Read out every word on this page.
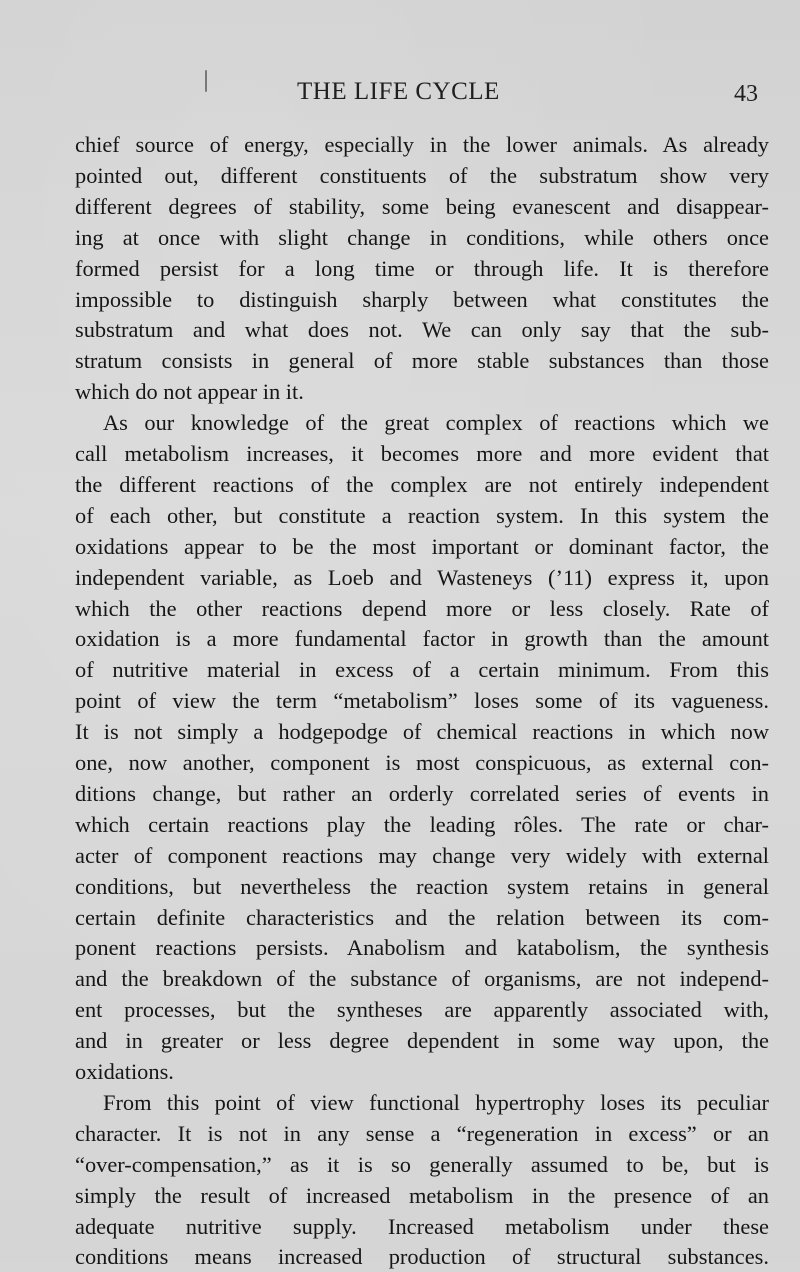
THE LIFE CYCLE	43
chief source of energy, especially in the lower animals. As already
pointed out, different constituents of the substratum show very
different degrees of stability, some being evanescent and disappear-
ing at once with slight change in conditions, while others once
formed persist for a long time or through life. It is therefore
impossible to distinguish sharply between what constitutes the
substratum and what does not. We can only say that the sub-
stratum consists in general of more stable substances than those
which do not appear in it.
As our knowledge of the great complex of reactions which we
call metabolism increases, it becomes more and more evident that
the different reactions of the complex are not entirely independent
of each other, but constitute a reaction system. In this system the
oxidations appear to be the most important or dominant factor, the
independent variable, as Loeb and Wasteneys (’11) express it, upon
which the other reactions depend more or less closely. Rate of
oxidation is a more fundamental factor in growth than the amount
of nutritive material in excess of a certain minimum. From this
point of view the term “metabolism” loses some of its vagueness.
It is not simply a hodgepodge of chemical reactions in which now
one, now another, component is most conspicuous, as external con-
ditions change, but rather an orderly correlated series of events in
which certain reactions play the leading rôles. The rate or char-
acter of component reactions may change very widely with external
conditions, but nevertheless the reaction system retains in general
certain definite characteristics and the relation between its com-
ponent reactions persists. Anabolism and katabolism, the synthesis
and the breakdown of the substance of organisms, are not independ-
ent processes, but the syntheses are apparently associated with,
and in greater or less degree dependent in some way upon, the
oxidations.
From this point of view functional hypertrophy loses its peculiar
character. It is not in any sense a “regeneration in excess” or an
“over-compensation,” as it is so generally assumed to be, but is
simply the result of increased metabolism in the presence of an
adequate nutritive supply. Increased metabolism under these
conditions means increased production of structural substances.
